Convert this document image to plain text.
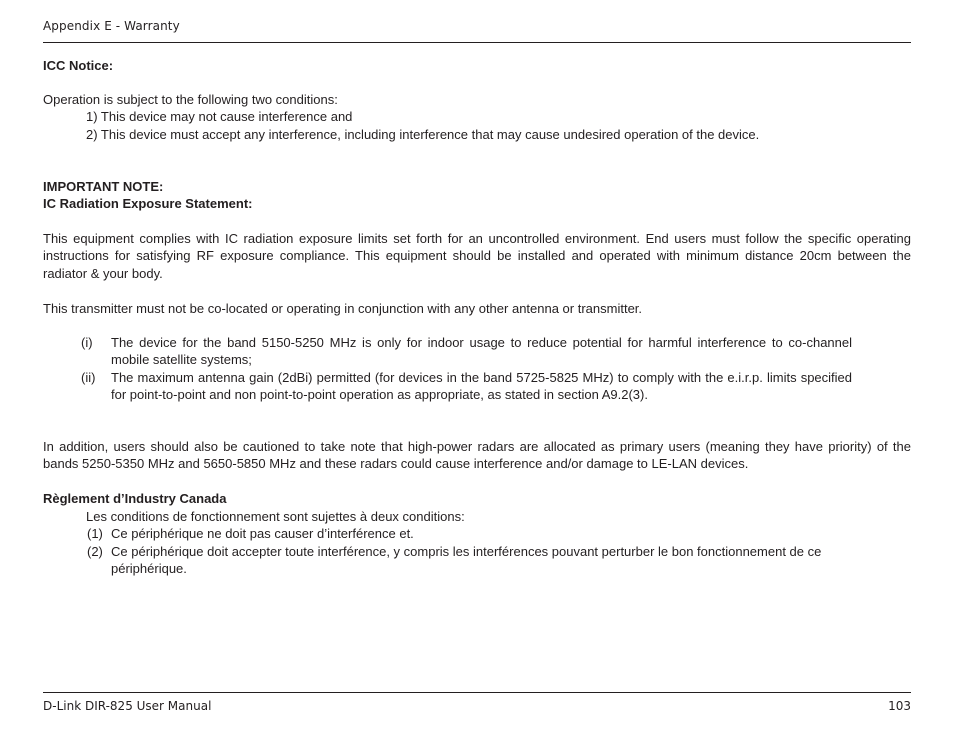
Appendix E - Warranty

ICC Notice:

Operation is subject to the following two conditions:

1) This device may not cause interference and

2) This device must accept any interference, including interference that may cause undesired operation of the device.

IMPORTANT NOTE:

IC Radiation Exposure Statement:

This equipment complies with IC radiation exposure limits set forth for an uncontrolled environment. End users must follow the specific operating instructions for satisfying RF exposure compliance. This equipment should be installed and operated with minimum distance 20cm between the radiator & your body.

This transmitter must not be co-located or operating in conjunction with any other antenna or transmitter.

(i) The device for the band 5150-5250 MHz is only for indoor usage to reduce potential for harmful interference to co-channel mobile satellite systems;

(ii) The maximum antenna gain (2dBi) permitted (for devices in the band 5725-5825 MHz) to comply with the e.i.r.p. limits specified for point-to-point and non point-to-point operation as appropriate, as stated in section A9.2(3).

In addition, users should also be cautioned to take note that high-power radars are allocated as primary users (meaning they have priority) of the bands 5250-5350 MHz and 5650-5850 MHz and these radars could cause interference and/or damage to LE-LAN devices.

Règlement d’Industry Canada

Les conditions de fonctionnement sont sujettes à deux conditions:

(1) Ce périphérique ne doit pas causer d’interférence et.

(2) Ce périphérique doit accepter toute interférence, y compris les interférences pouvant perturber le bon fonctionnement de ce périphérique.

D-Link DIR-825 User Manual	103
